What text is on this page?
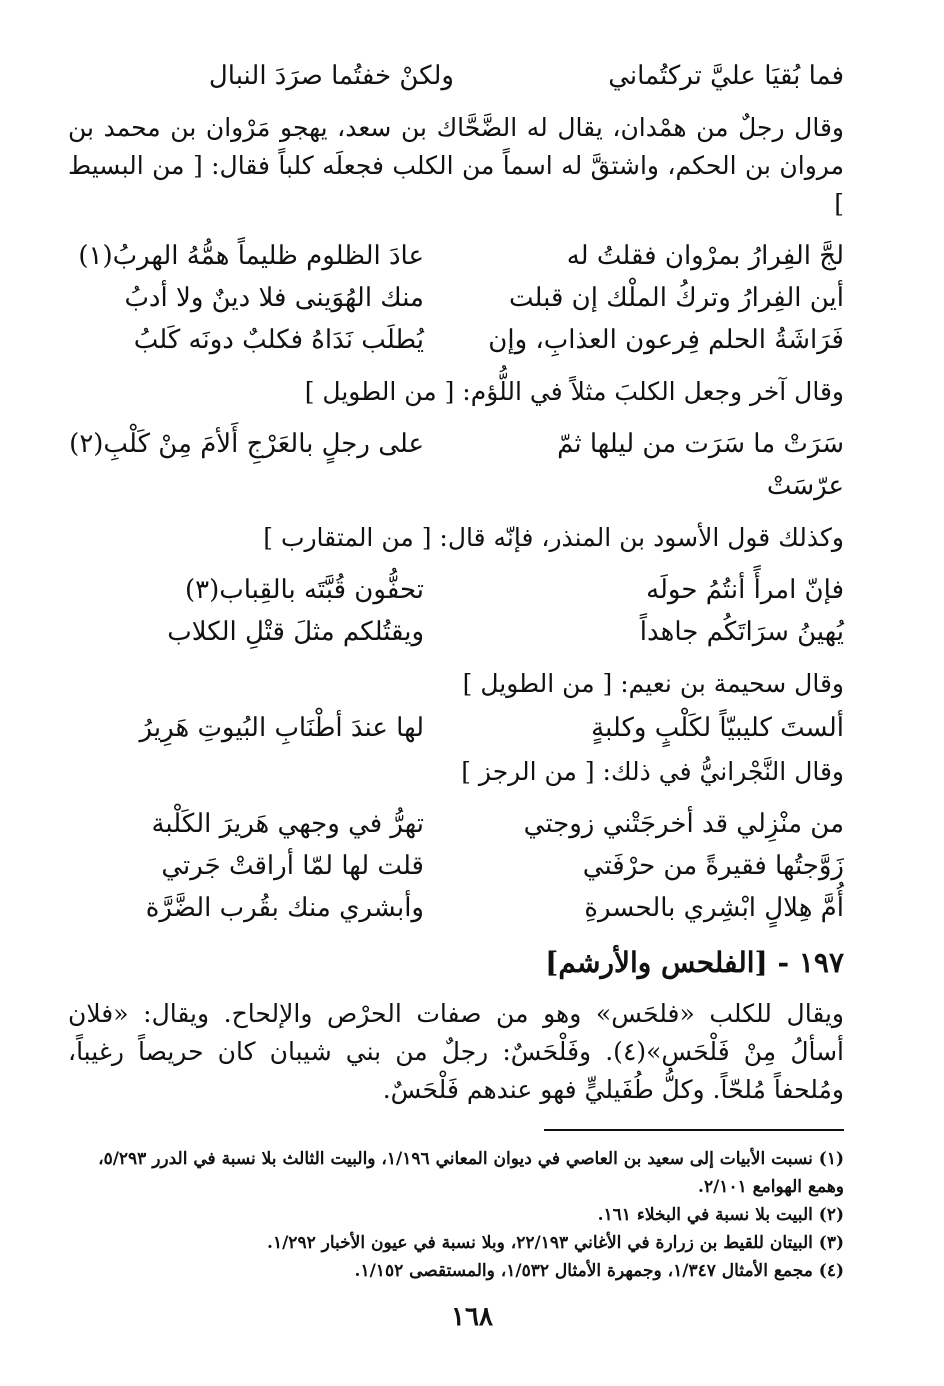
فما بُقيَا عليَّ تركتُماني
ولكنْ خفتُما صرَدَ النبال

وقال رجلٌ من همْدان، يقال له الضَّحَّاك بن سعد، يهجو مَرْوان بن محمد بن مروان بن الحكم، واشتقَّ له اسماً من الكلب فجعلَه كلباً فقال: [ من البسيط ]

لجَّ الفِرارُ بمرْوان فقلتُ له
عادَ الظلوم ظليماً همُّهُ الهربُ(١)
أين الفِرارُ وتركُ الملْك إن قبلت
منك الهُوَينى فلا دينٌ ولا أدبُ
فَرَاشَةُ الحلم فِرعون العذابِ، وإن
يُطلَب نَدَاهُ فكلبٌ دونَه كَلبُ

وقال آخر وجعل الكلبَ مثلاً في اللُّؤم: [ من الطويل ]

سَرَتْ ما سَرَت من ليلها ثمّ عرّسَتْ
على رجلٍ بالعَرْجِ أَلأمَ مِنْ كَلْبِ(٢)

وكذلك قول الأسود بن المنذر، فإنّه قال: [ من المتقارب ]

فإنّ امرأً أنتُمُ حولَه
تحفُّون قُبَّتَه بالقِباب(٣)
يُهينُ سرَاتَكُم جاهداً
ويقتُلكم مثلَ قتْلِ الكلاب

وقال سحيمة بن نعيم: [ من الطويل ]

ألستَ كليبيّاً لكَلْبٍ وكلبةٍ
لها عندَ أطْنَابِ البُيوتِ هَرِيرُ

وقال النَّجْرانيُّ في ذلك: [ من الرجز ]

من منْزِلي قد أخرجَتْني زوجتي
تهرُّ في وجهي هَريرَ الكَلْبة
زَوَّجتُها فقيرةً من حرْفَتي
قلت لها لمّا أراقتْ جَرتي
أُمَّ هِلالٍ ابْشِري بالحسرةِ
وأبشري منك بقُرب الضَّرَّة
١٩٧ - [الفلحس والأرشم]

ويقال للكلب «فلحَس» وهو من صفات الحرْص والإلحاح. ويقال: «فلان أسألُ مِنْ فَلْحَس»(٤). وفَلْحَسٌ: رجلٌ من بني شيبان كان حريصاً رغيباً، ومُلحفاً مُلحّاً. وكلُّ طُفَيليٍّ فهو عندهم فَلْحَسٌ.

(١) نسبت الأبيات إلى سعيد بن العاصي في ديوان المعاني ١/١٩٦، والبيت الثالث بلا نسبة في الدرر ٥/٢٩٣، وهمع الهوامع ٢/١٠١.

(٢) البيت بلا نسبة في البخلاء ١٦١.

(٣) البيتان للقيط بن زرارة في الأغاني ٢٢/١٩٣، وبلا نسبة في عيون الأخبار ١/٢٩٢.

(٤) مجمع الأمثال ١/٣٤٧، وجمهرة الأمثال ١/٥٣٢، والمستقصى ١/١٥٢.

١٦٨
